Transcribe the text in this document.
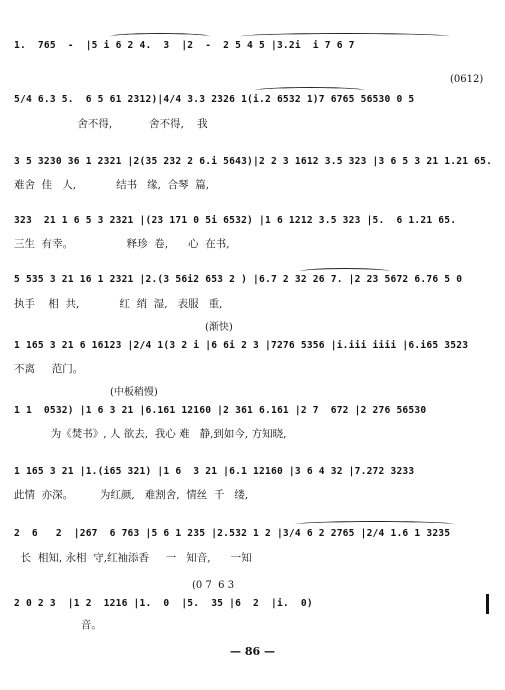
1.  765  -  |5 i 6 2 4.  3  |2  -  2 5 4 5 |3.2i  i 7 6 7
(0612)
5/4 6.3 5.  6 5 61 2312)|4/4 3.3 2326 1(i.2 6532 1)7 6765 56530 0 5
舍不得,           舍不得,    我
3 5 3230 36 1 2321 |2(35 232 2 6.i 5643)|2 2 3 1612 3.5 323 |3 6 5 3 21 1.21 65.
难舍  佳   人,            结书   缘,  合琴  篇,
323  21 1 6 5 3 2321 |(23 171 0 5i 6532) |1 6 1212 3.5 323 |5.  6 1.21 65.
三生  有幸。                释珍  卷,      心  在书,
5 535 3 21 16 1 2321 |2.(3 56i2 653 2 ) |6.7 2 32 26 7. |2 23 5672 6.76 5 0
执手    相  共,            红  绡  湿,   表服   重,
(渐快)
1 165 3 21 6 16123 |2/4 1(3 2 i |6 6i 2 3 |7276 5356 |i.iii iiii |6.i65 3523
不离     范门。
(中板稍慢)
1 1  0532) |1 6 3 21 |6.161 12160 |2 361 6.161 |2 7  672 |2 276 56530
为《焚书》, 人 欲去,  我心 难   静,到如今, 方知晓,
1 165 3 21 |1.(i65 321) |1 6  3 21 |6.1 12160 |3 6 4 32 |7.272 3233
此情  亦深。        为红颜,   难割舍,  情丝  千   缕,
2  6   2  |267  6 763 |5 6 1 235 |2.532 1 2 |3/4 6 2 2765 |2/4 1.6 1 3235
长  相知, 永相  守,红袖添香     一   知音,      一知
(0 7  6 3
2 0 2 3  |1 2  1216 |1.  0  |5.  35 |6  2  |i.  0)
音。
— 86 —
